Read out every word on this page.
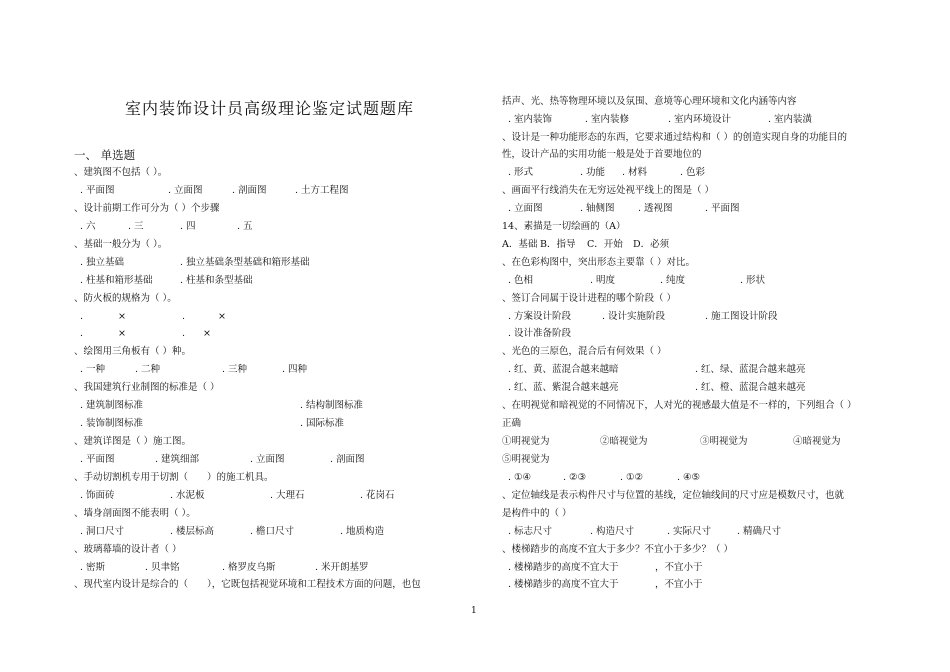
室内装饰设计员高级理论鉴定试题题库
一、 单选题
、建筑图不包括（ ）。
. 平面图	. 立面图	. 剖面图	. 土方工程图
、设计前期工作可分为（ ）个步骤
. 六	. 三	. 四	. 五
、基础一般分为（ ）。
. 独立基础	. 独立基础条型基础和箱形基础
. 柱基和箱形基础	. 柱基和条型基础
、防火板的规格为（ ）。
.	×	.	×
.	×	. ×
、绘图用三角板有（ ）种。
. 一种	. 二种	. 三种	. 四种
、我国建筑行业制图的标准是（ ）
. 建筑制图标准	. 结构制图标准
. 装饰制图标准	. 国际标准
、建筑详图是（ ）施工图。
. 平面图	. 建筑细部	. 立面图	. 剖面图
、手动切割机专用于切割（　　）的施工机具。
. 饰面砖	. 水泥板	. 大理石	. 花岗石
、墙身剖面图不能表明（ ）。
. 洞口尺寸	. 楼层标高	. 檐口尺寸	. 地质构造
、玻璃幕墙的设计者（ ）
. 密斯	. 贝聿铭	. 格罗皮乌斯	. 米开朗基罗
、现代室内设计是综合的（　　），它既包括视觉环境和工程技术方面的问题，也包
括声、光、热等物理环境以及氛围、意境等心理环境和文化内涵等内容
. 室内装饰	. 室内装修	. 室内环境设计	. 室内装潢
、设计是一种功能形态的东西，它要求通过结构和（ ）的创造实现自身的功能目的
性，设计产品的实用功能一般是处于首要地位的
. 形式	. 功能 . 材料	. 色彩
、画面平行线消失在无穷远处视平线上的图是（ ）
. 立面图	. 轴侧图 . 透视图	. 平面图
14、素描是一切绘画的（A）
A．基础 B．指导 C．开始 D．必须
、在色彩构图中，突出形态主要靠（ ）对比。
. 色相	. 明度	. 纯度	. 形状
、签订合同属于设计进程的哪个阶段（ ）
. 方案设计阶段	. 设计实施阶段	. 施工图设计阶段
. 设计准备阶段
、光色的三原色，混合后有何效果（ ）
. 红、黄、蓝混合越来越暗	. 红、绿、蓝混合越来越亮
. 红、蓝、紫混合越来越亮	. 红、橙、蓝混合越来越亮
、在明视觉和暗视觉的不同情况下，人对光的视感最大值是不一样的，下列组合（ ）
正确
①明视觉为	②暗视觉为	③明视觉为	④暗视觉为
⑤明视觉为
. ①④	. ②③	. ①②	. ④⑤
、定位轴线是表示构件尺寸与位置的基线，定位轴线间的尺寸应是模数尺寸，也就
是构件中的（ ）
. 标志尺寸	. 构造尺寸	. 实际尺寸	. 精确尺寸
、楼梯踏步的高度不宜大于多少？不宜小于多少？（ ）
. 楼梯踏步的高度不宜大于	，不宜小于
. 楼梯踏步的高度不宜大于	，不宜小于
1
